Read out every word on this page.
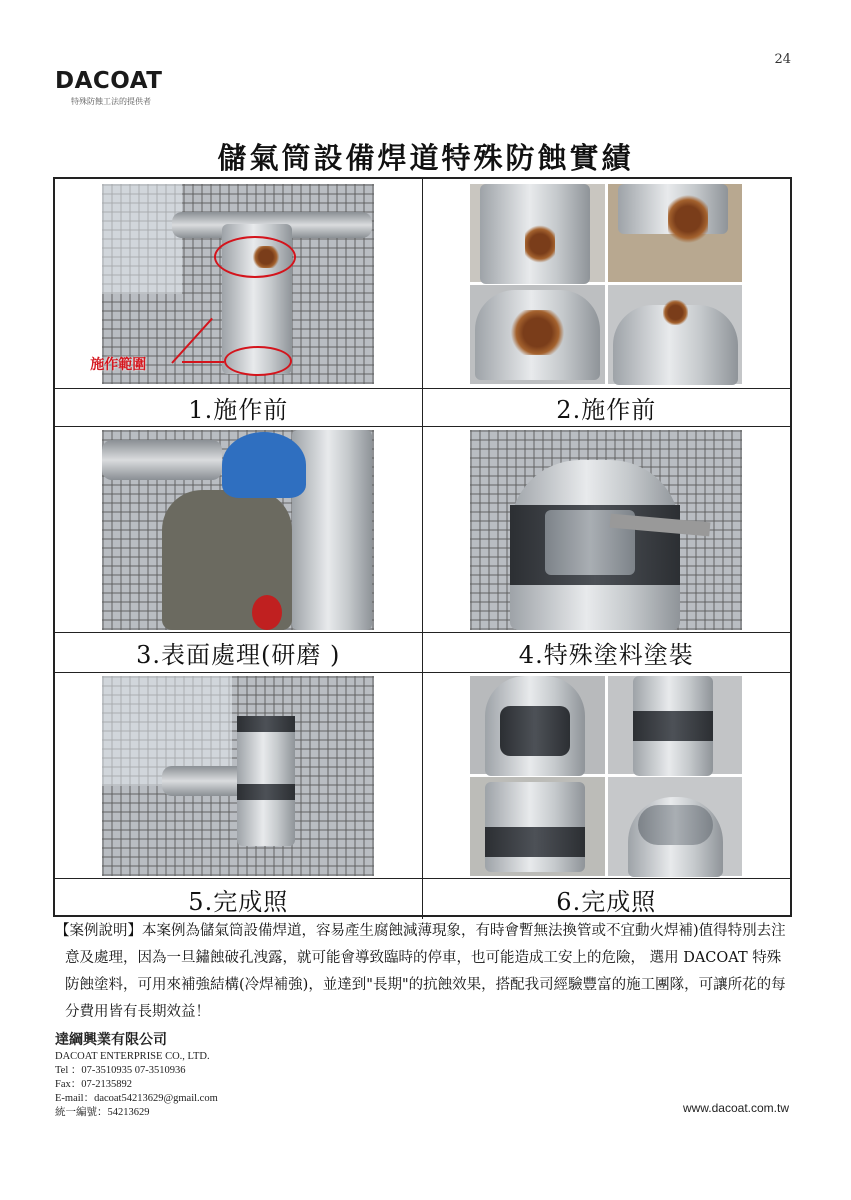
24
DACOAT
特殊防蝕工法的提供者
儲氣筒設備焊道特殊防蝕實績
施作範圍
1.施作前	2.施作前
3.表面處理(研磨 )	4.特殊塗料塗裝
5.完成照	6.完成照

【案例說明】本案例為儲氣筒設備焊道，容易產生腐蝕減薄現象，有時會暫無法換管或不宜動火焊補)值得特別去注意及處理，因為一旦鏽蝕破孔洩露，就可能會導致臨時的停車，也可能造成工安上的危險， 選用 DACOAT 特殊防蝕塗料，可用來補強結構(冷焊補強)，並達到"長期"的抗蝕效果，搭配我司經驗豐富的施工團隊，可讓所花的每分費用皆有長期效益！

達綱興業有限公司
DACOAT ENTERPRISE CO., LTD.
Tel ：07-3510935 07-3510936
Fax：07-2135892
E-mail：dacoat54213629@gmail.com
統一編號：54213629	www.dacoat.com.tw
